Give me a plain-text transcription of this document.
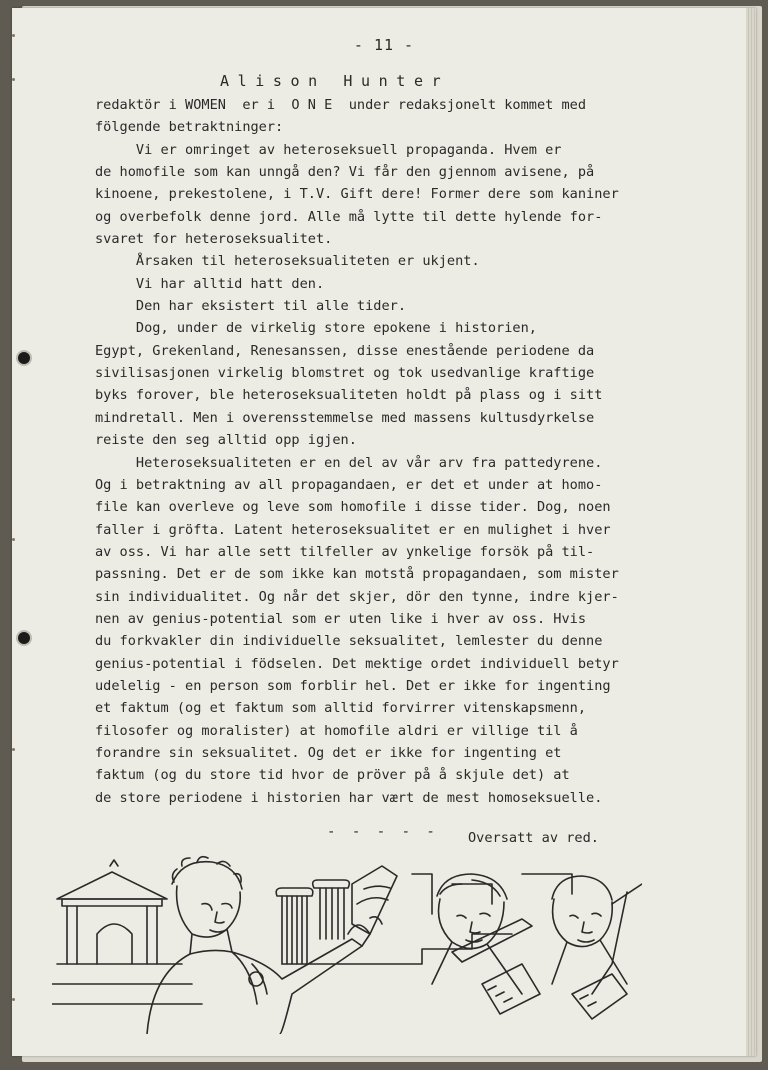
- 11 -
Alison Hunter
redaktör i WOMEN  er i  O N E  under redaksjonelt kommet med
fölgende betraktninger:
Vi er omringet av heteroseksuell propaganda. Hvem er
de homofile som kan unngå den? Vi får den gjennom avisene, på
kinoene, prekestolene, i T.V. Gift dere! Former dere som kaniner
og overbefolk denne jord. Alle må lytte til dette hylende for-
svaret for heteroseksualitet.
Årsaken til heteroseksualiteten er ukjent.
Vi har alltid hatt den.
Den har eksistert til alle tider.
Dog, under de virkelig store epokene i historien,
Egypt, Grekenland, Renesanssen, disse enestående periodene da
sivilisasjonen virkelig blomstret og tok usedvanlige kraftige
byks forover, ble heteroseksualiteten holdt på plass og i sitt
mindretall. Men i overensstemmelse med massens kultusdyrkelse
reiste den seg alltid opp igjen.
Heteroseksualiteten er en del av vår arv fra pattedyrene.
Og i betraktning av all propagandaen, er det et under at homo-
file kan overleve og leve som homofile i disse tider. Dog, noen
faller i gröfta. Latent heteroseksualitet er en mulighet i hver
av oss. Vi har alle sett tilfeller av ynkelige forsök på til-
passning. Det er de som ikke kan motstå propagandaen, som mister
sin individualitet. Og når det skjer, dör den tynne, indre kjer-
nen av genius-potential som er uten like i hver av oss. Hvis
du forkvakler din individuelle seksualitet, lemlester du denne
genius-potential i födselen. Det mektige ordet individuell betyr
udelelig - en person som forblir hel. Det er ikke for ingenting
et faktum (og et faktum som alltid forvirrer vitenskapsmenn,
filosofer og moralister) at homofile aldri er villige til å
forandre sin seksualitet. Og det er ikke for ingenting et
faktum (og du store tid hvor de pröver på å skjule det) at
de store periodene i historien har vært de mest homoseksuelle.
- - - - - Oversatt av red.
